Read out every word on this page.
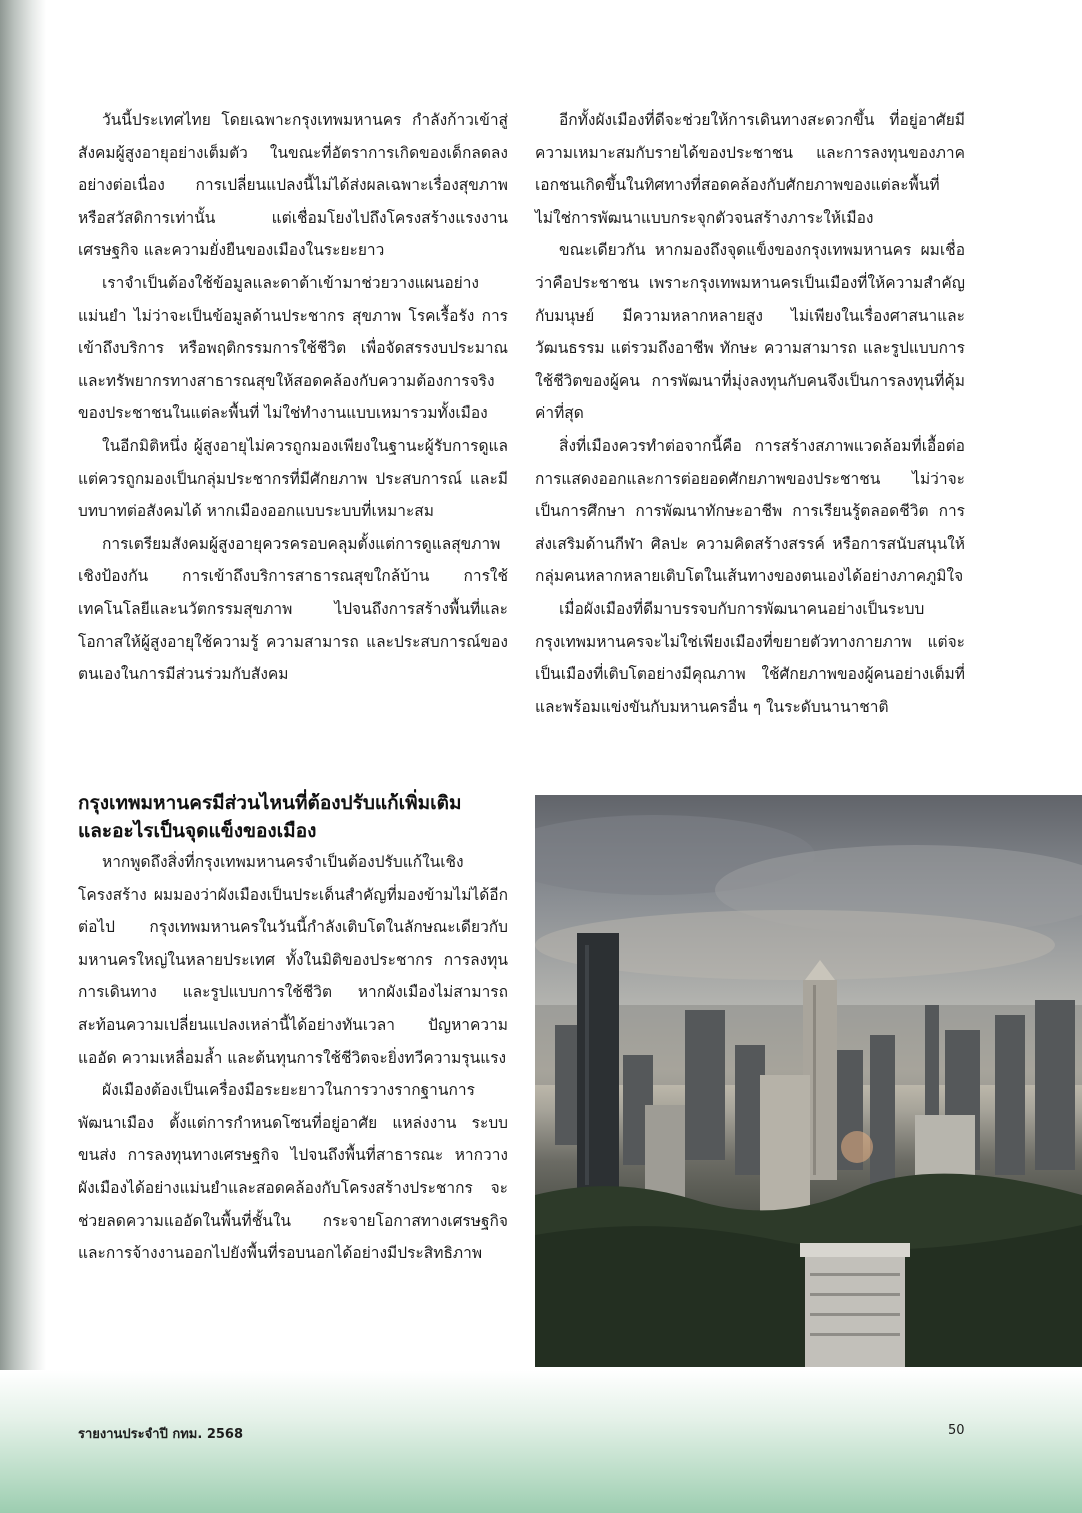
วันนี้ประเทศไทย โดยเฉพาะกรุงเทพมหานคร กำลังก้าวเข้าสู่สังคมผู้สูงอายุอย่างเต็มตัว ในขณะที่อัตราการเกิดของเด็กลดลงอย่างต่อเนื่อง การเปลี่ยนแปลงนี้ไม่ได้ส่งผลเฉพาะเรื่องสุขภาพหรือสวัสดิการเท่านั้น แต่เชื่อมโยงไปถึงโครงสร้างแรงงาน เศรษฐกิจ และความยั่งยืนของเมืองในระยะยาว

เราจำเป็นต้องใช้ข้อมูลและดาต้าเข้ามาช่วยวางแผนอย่างแม่นยำ ไม่ว่าจะเป็นข้อมูลด้านประชากร สุขภาพ โรคเรื้อรัง การเข้าถึงบริการ หรือพฤติกรรมการใช้ชีวิต เพื่อจัดสรรงบประมาณและทรัพยากรทางสาธารณสุขให้สอดคล้องกับความต้องการจริงของประชาชนในแต่ละพื้นที่ ไม่ใช่ทำงานแบบเหมารวมทั้งเมือง

ในอีกมิติหนึ่ง ผู้สูงอายุไม่ควรถูกมองเพียงในฐานะผู้รับการดูแล แต่ควรถูกมองเป็นกลุ่มประชากรที่มีศักยภาพ ประสบการณ์ และมีบทบาทต่อสังคมได้ หากเมืองออกแบบระบบที่เหมาะสม

การเตรียมสังคมผู้สูงอายุควรครอบคลุมตั้งแต่การดูแลสุขภาพเชิงป้องกัน การเข้าถึงบริการสาธารณสุขใกล้บ้าน การใช้เทคโนโลยีและนวัตกรรมสุขภาพ ไปจนถึงการสร้างพื้นที่และโอกาสให้ผู้สูงอายุใช้ความรู้ ความสามารถ และประสบการณ์ของตนเองในการมีส่วนร่วมกับสังคม

กรุงเทพมหานครมีส่วนไหนที่ต้องปรับแก้เพิ่มเติม
และอะไรเป็นจุดแข็งของเมือง

หากพูดถึงสิ่งที่กรุงเทพมหานครจำเป็นต้องปรับแก้ในเชิงโครงสร้าง ผมมองว่าผังเมืองเป็นประเด็นสำคัญที่มองข้ามไม่ได้อีกต่อไป กรุงเทพมหานครในวันนี้กำลังเติบโตในลักษณะเดียวกับมหานครใหญ่ในหลายประเทศ ทั้งในมิติของประชากร การลงทุน การเดินทาง และรูปแบบการใช้ชีวิต หากผังเมืองไม่สามารถสะท้อนความเปลี่ยนแปลงเหล่านี้ได้อย่างทันเวลา ปัญหาความแออัด ความเหลื่อมล้ำ และต้นทุนการใช้ชีวิตจะยิ่งทวีความรุนแรง

ผังเมืองต้องเป็นเครื่องมือระยะยาวในการวางรากฐานการพัฒนาเมือง ตั้งแต่การกำหนดโซนที่อยู่อาศัย แหล่งงาน ระบบขนส่ง การลงทุนทางเศรษฐกิจ ไปจนถึงพื้นที่สาธารณะ หากวางผังเมืองได้อย่างแม่นยำและสอดคล้องกับโครงสร้างประชากร จะช่วยลดความแออัดในพื้นที่ชั้นใน กระจายโอกาสทางเศรษฐกิจและการจ้างงานออกไปยังพื้นที่รอบนอกได้อย่างมีประสิทธิภาพ

อีกทั้งผังเมืองที่ดีจะช่วยให้การเดินทางสะดวกขึ้น ที่อยู่อาศัยมีความเหมาะสมกับรายได้ของประชาชน และการลงทุนของภาคเอกชนเกิดขึ้นในทิศทางที่สอดคล้องกับศักยภาพของแต่ละพื้นที่ ไม่ใช่การพัฒนาแบบกระจุกตัวจนสร้างภาระให้เมือง

ขณะเดียวกัน หากมองถึงจุดแข็งของกรุงเทพมหานคร ผมเชื่อว่าคือประชาชน เพราะกรุงเทพมหานครเป็นเมืองที่ให้ความสำคัญกับมนุษย์ มีความหลากหลายสูง ไม่เพียงในเรื่องศาสนาและวัฒนธรรม แต่รวมถึงอาชีพ ทักษะ ความสามารถ และรูปแบบการใช้ชีวิตของผู้คน การพัฒนาที่มุ่งลงทุนกับคนจึงเป็นการลงทุนที่คุ้มค่าที่สุด

สิ่งที่เมืองควรทำต่อจากนี้คือ การสร้างสภาพแวดล้อมที่เอื้อต่อการแสดงออกและการต่อยอดศักยภาพของประชาชน ไม่ว่าจะเป็นการศึกษา การพัฒนาทักษะอาชีพ การเรียนรู้ตลอดชีวิต การส่งเสริมด้านกีฬา ศิลปะ ความคิดสร้างสรรค์ หรือการสนับสนุนให้กลุ่มคนหลากหลายเติบโตในเส้นทางของตนเองได้อย่างภาคภูมิใจ

เมื่อผังเมืองที่ดีมาบรรจบกับการพัฒนาคนอย่างเป็นระบบ กรุงเทพมหานครจะไม่ใช่เพียงเมืองที่ขยายตัวทางกายภาพ แต่จะเป็นเมืองที่เติบโตอย่างมีคุณภาพ ใช้ศักยภาพของผู้คนอย่างเต็มที่ และพร้อมแข่งขันกับมหานครอื่น ๆ ในระดับนานาชาติ

รายงานประจำปี กทม. 2568	50
